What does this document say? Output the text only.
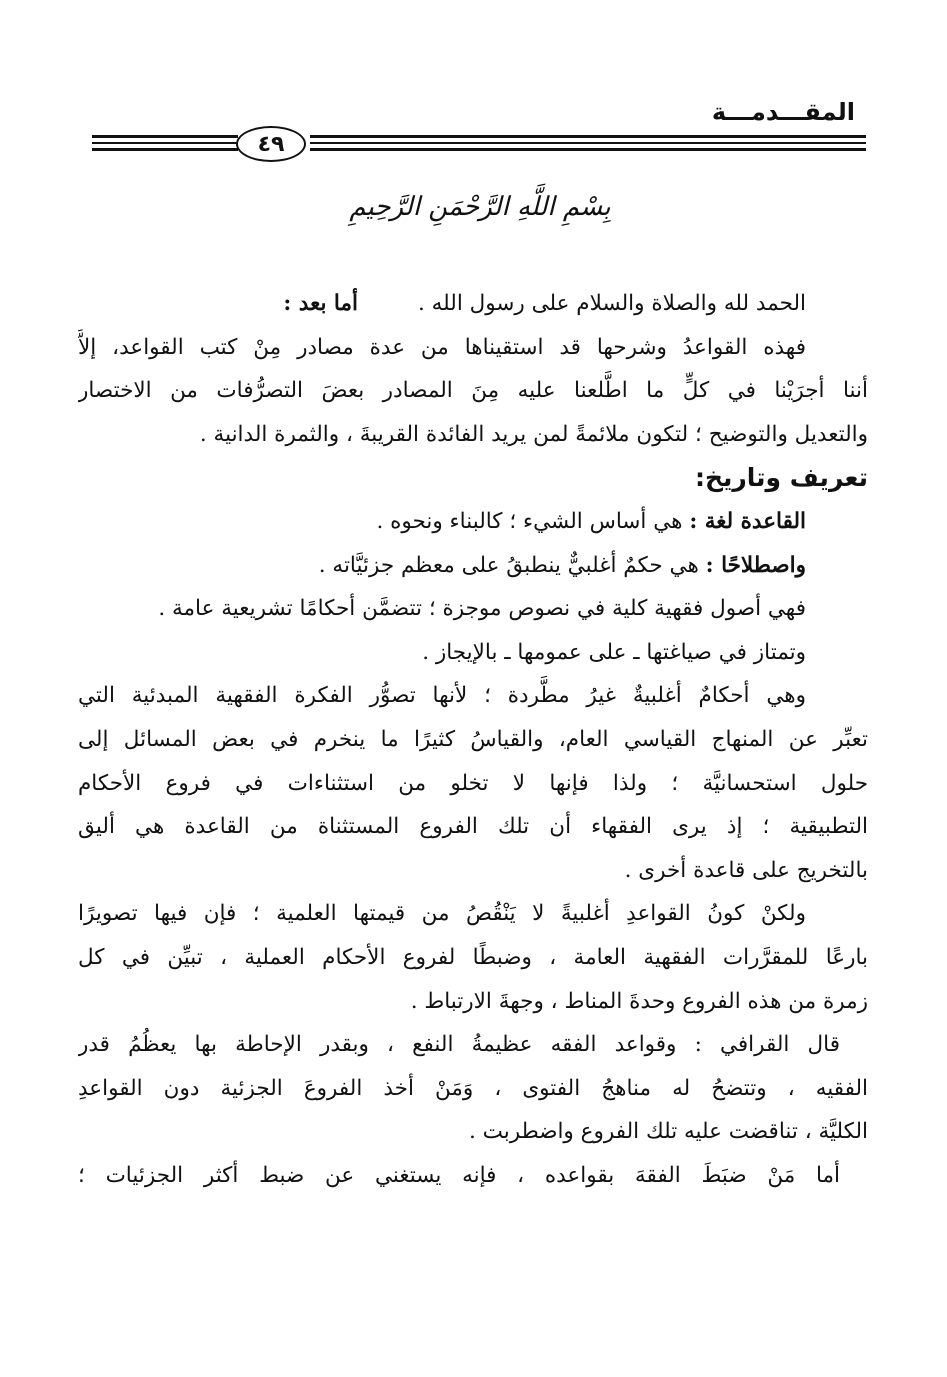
المقـــدمـــة
٤٩
بِسْمِ اللَّهِ الرَّحْمَنِ الرَّحِيمِ
الحمد لله والصلاة والسلام على رسول الله .أما بعد :
فهذه القواعدُ وشرحها قد استقيناها من عدة مصادر مِنْ كتب القواعد، إلاَّ
أننا أجرَيْنا في كلٍّ ما اطَّلعنا عليه مِنَ المصادر بعضَ التصرُّفات من الاختصار
والتعديل والتوضيح ؛ لتكون ملائمةً لمن يريد الفائدة القريبةَ ، والثمرة الدانية .
تعريف وتاريخ:
القاعدة لغة : هي أساس الشيء ؛ كالبناء ونحوه .
واصطلاحًا : هي حكمٌ أغلبيٌّ ينطبقُ على معظم جزئيَّاته .
فهي أصول فقهية كلية في نصوص موجزة ؛ تتضمَّن أحكامًا تشريعية عامة .
وتمتاز في صياغتها ـ على عمومها ـ بالإيجاز .
وهي أحكامٌ أغلبيةٌ غيرُ مطَّردة ؛ لأنها تصوُّر الفكرة الفقهية المبدئية التي
تعبِّر عن المنهاج القياسي العام، والقياسُ كثيرًا ما ينخرم في بعض المسائل إلى
حلول استحسانيَّة ؛ ولذا فإنها لا تخلو من استثناءات في فروع الأحكام
التطبيقية ؛ إذ يرى الفقهاء أن تلك الفروع المستثناة من القاعدة هي أليق
بالتخريج على قاعدة أخرى .
ولكنْ كونُ القواعدِ أغلبيةً لا يَنْقُصُ من قيمتها العلمية ؛ فإن فيها تصويرًا
بارعًا للمقرَّرات الفقهية العامة ، وضبطًا لفروع الأحكام العملية ، تبيِّن في كل
زمرة من هذه الفروع وحدةَ المناط ، وجهةَ الارتباط .
قال القرافي : وقواعد الفقه عظيمةُ النفع ، وبقدر الإحاطة بها يعظُمُ قدر
الفقيه ، وتتضحُ له مناهجُ الفتوى ، وَمَنْ أخذ الفروعَ الجزئية دون القواعدِ
الكليَّة ، تناقضت عليه تلك الفروع واضطربت .
أما مَنْ ضبَطَ الفقهَ بقواعده ، فإنه يستغني عن ضبط أكثر الجزئيات ؛
